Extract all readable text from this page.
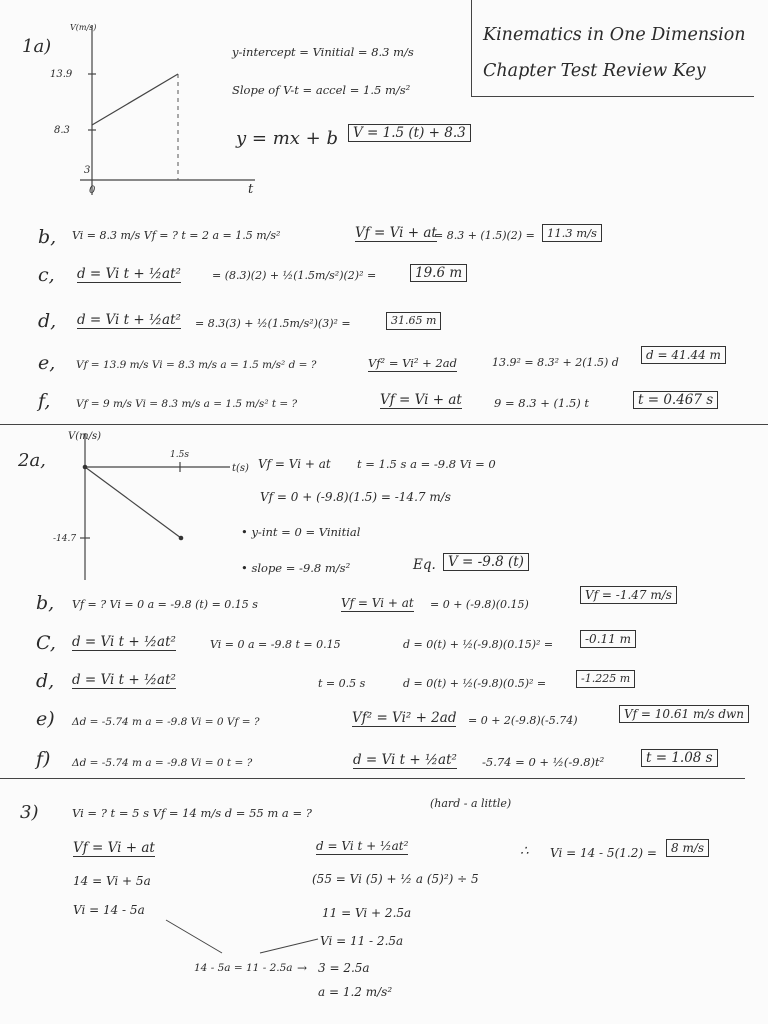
Kinematics in One Dimension
Chapter Test Review Key
1a)
V(m/s)
t
13.9
8.3
3
0
y-intercept = Vinitial = 8.3 m/s
Slope of V-t = accel = 1.5 m/s²
y = mx + b	V = 1.5 (t) + 8.3
b, Vi = 8.3 m/s Vf = ? t = 2 a = 1.5 m/s²	Vf = Vi + at
= 8.3 + (1.5)(2) =	11.3 m/s
c, d = Vi t + ½at²	= (8.3)(2) + ½(1.5m/s²)(2)² =	19.6 m
d, d = Vi t + ½at² = 8.3(3) + ½(1.5m/s²)(3)² =	31.65 m
e, Vf = 13.9 m/s Vi = 8.3 m/s a = 1.5 m/s² d = ?	Vf² = Vi² + 2ad	13.9² = 8.3² + 2(1.5) d
d = 41.44 m
f, Vf = 9 m/s Vi = 8.3 m/s a = 1.5 m/s² t = ?	Vf = Vi + at	9 = 8.3 + (1.5) t	t = 0.467 s
2a,
V(m/s)
t(s)
1.5s
-14.7
Vf = Vi + at t = 1.5 s a = -9.8 Vi = 0
Vf = 0 + (-9.8)(1.5) = -14.7 m/s
• y-int = 0 = Vinitial
• slope = -9.8 m/s²	Eq. V = -9.8 (t)
b, Vf = ? Vi = 0 a = -9.8 (t) = 0.15 s	Vf = Vi + at = 0 + (-9.8)(0.15)
Vf = -1.47 m/s
C, d = Vi t + ½at²	Vi = 0 a = -9.8 t = 0.15	d = 0(t) + ½(-9.8)(0.15)² =	-0.11 m
d, d = Vi t + ½at²	t = 0.5 s	d = 0(t) + ½(-9.8)(0.5)² =	-1.225 m
e) Δd = -5.74 m a = -9.8 Vi = 0 Vf = ?	Vf² = Vi² + 2ad = 0 + 2(-9.8)(-5.74)	Vf = 10.61 m/s dwn
f) Δd = -5.74 m a = -9.8 Vi = 0 t = ?	d = Vi t + ½at² -5.74 = 0 + ½(-9.8)t²	t = 1.08 s
3)	Vi = ? t = 5 s Vf = 14 m/s d = 55 m a = ?
(hard - a little)
Vf = Vi + at
14 = Vi + 5a
Vi = 14 - 5a
d = Vi t + ½at²
(55 = Vi (5) + ½ a (5)²) ÷ 5
11 = Vi + 2.5a
Vi = 11 - 2.5a
14 - 5a = 11 - 2.5a → 3 = 2.5a
a = 1.2 m/s²
∴ Vi = 14 - 5(1.2) =	8 m/s
